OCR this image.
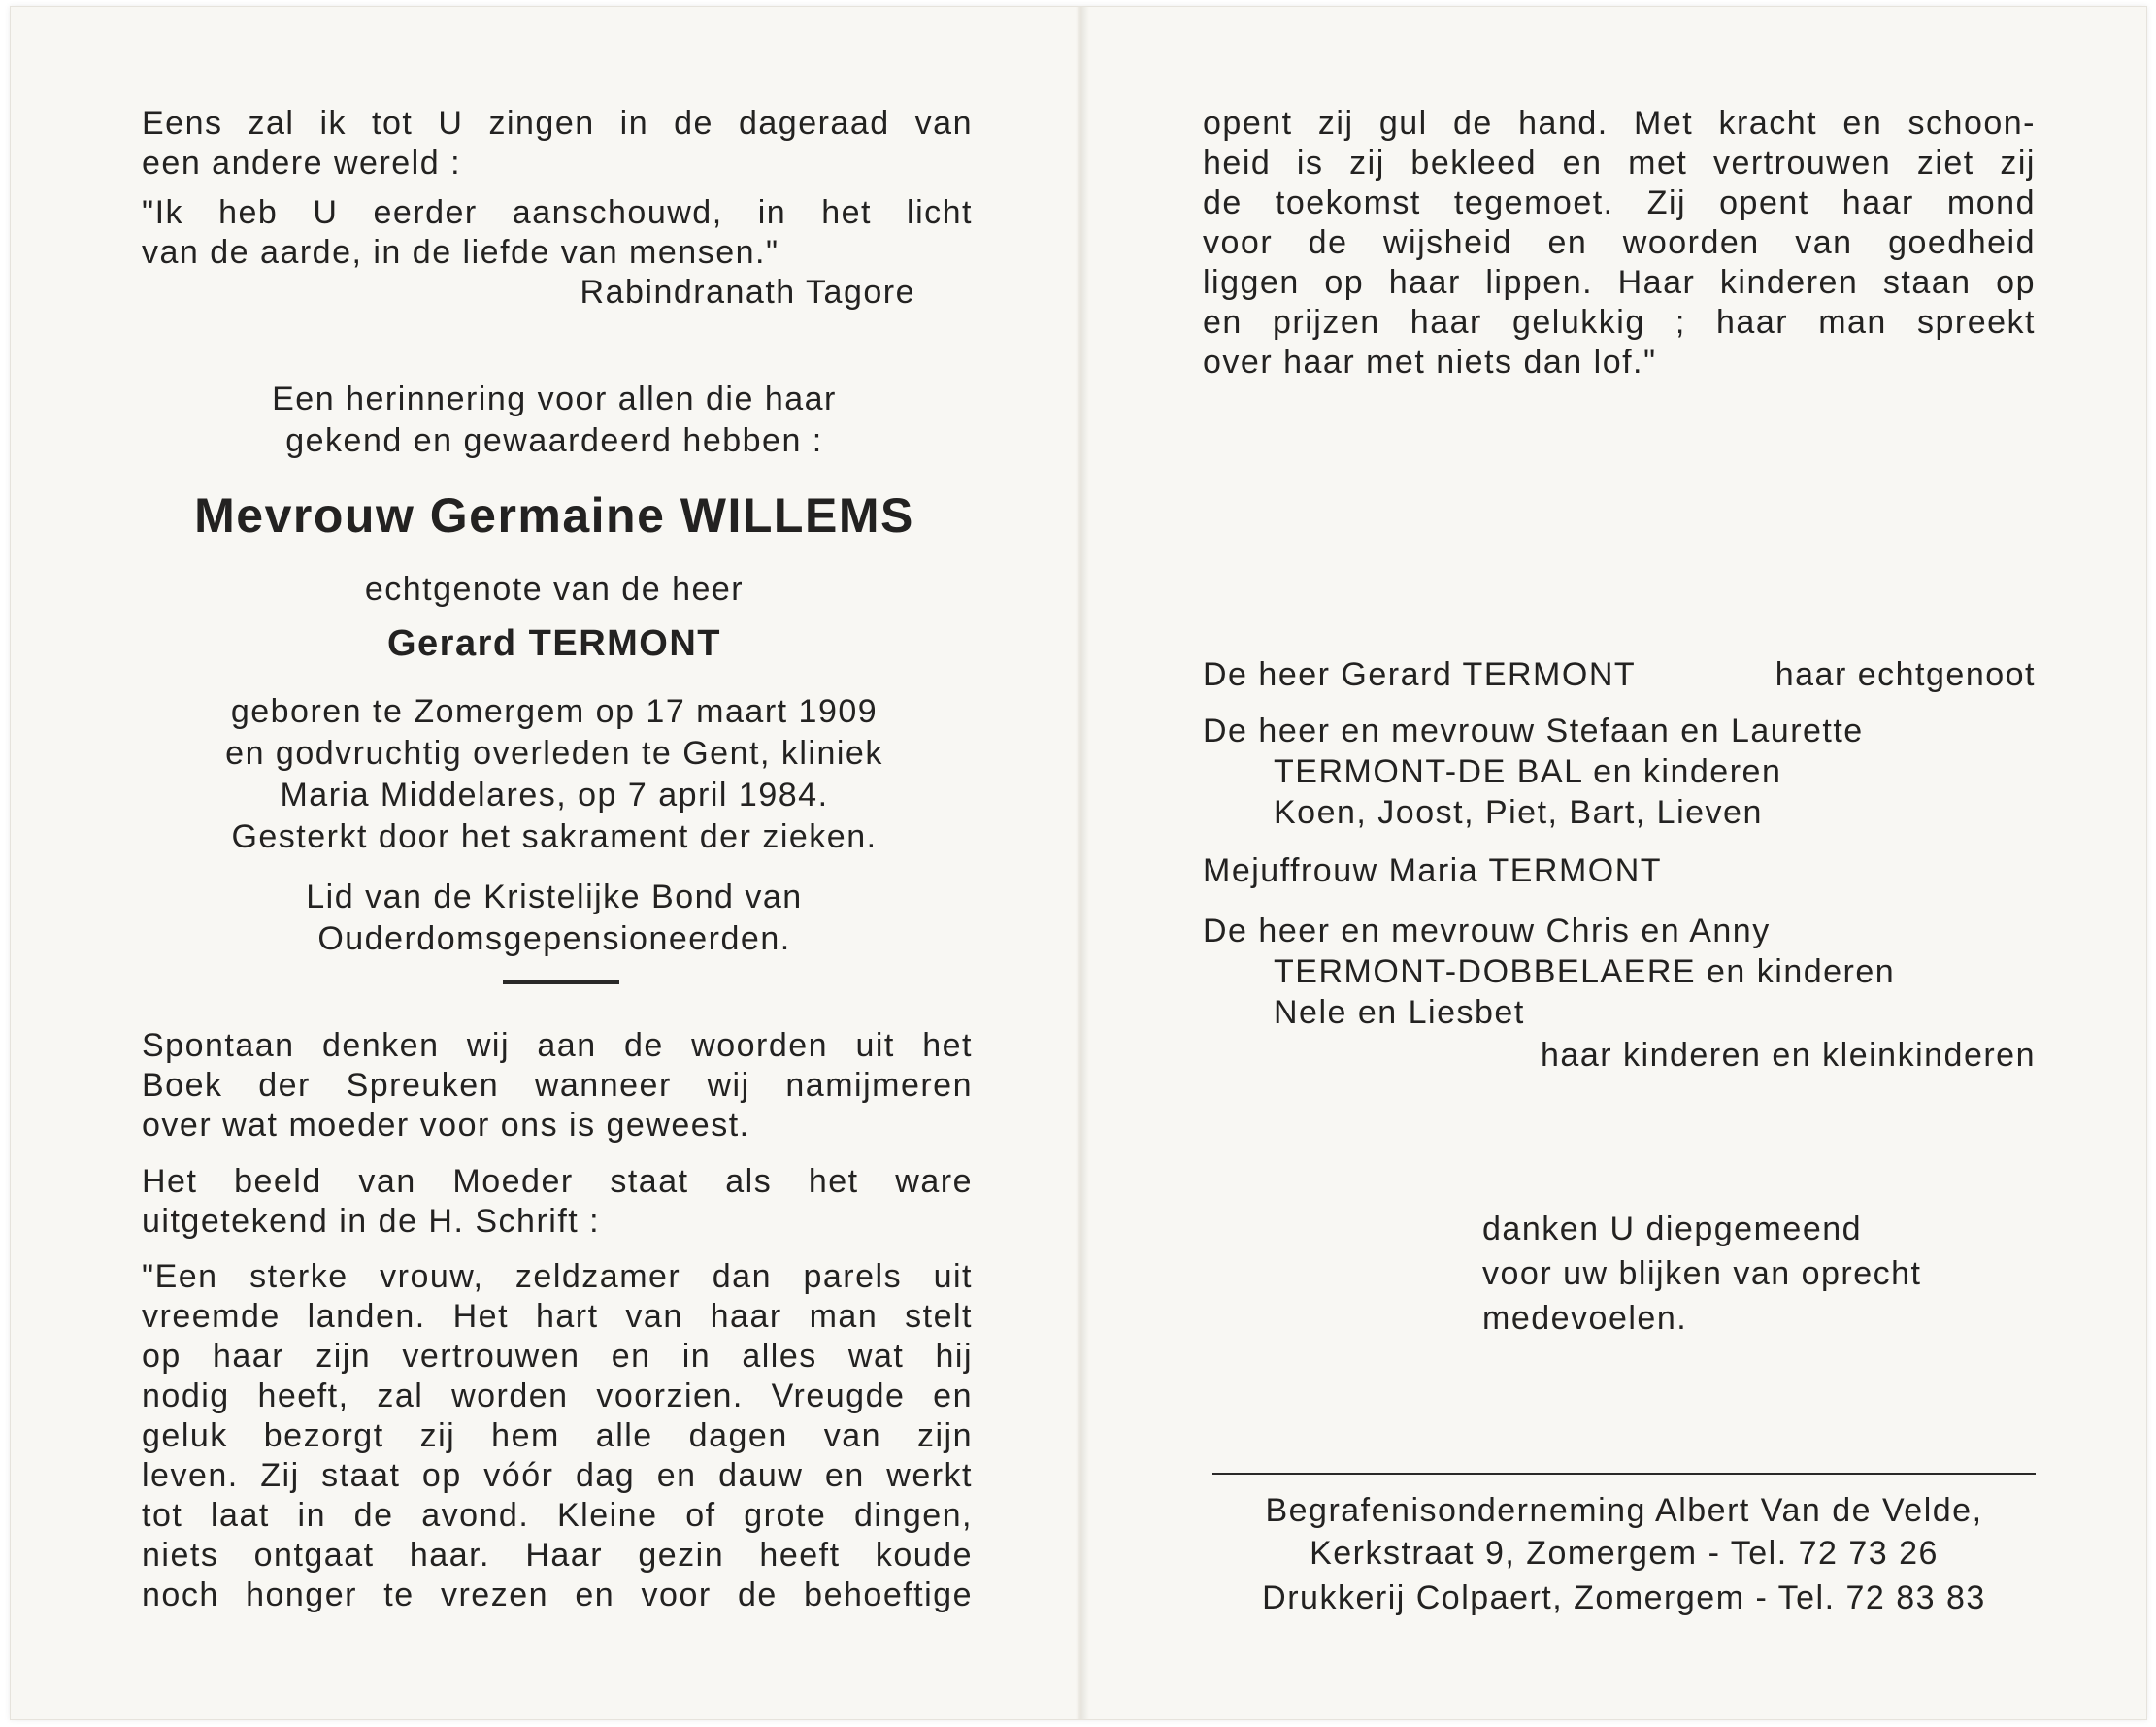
Eens zal ik tot U zingen in de dageraad van
een andere wereld :
"Ik heb U eerder aanschouwd, in het licht
van de aarde, in de liefde van mensen."
Rabindranath Tagore
Een herinnering voor allen die haar
gekend en gewaardeerd hebben :
Mevrouw Germaine WILLEMS
echtgenote van de heer
Gerard TERMONT
geboren te Zomergem op 17 maart 1909
en godvruchtig overleden te Gent, kliniek
Maria Middelares, op 7 april 1984.
Gesterkt door het sakrament der zieken.
Lid van de Kristelijke Bond van
Ouderdomsgepensioneerden.
Spontaan denken wij aan de woorden uit het
Boek der Spreuken wanneer wij namijmeren
over wat moeder voor ons is geweest.
Het beeld van Moeder staat als het ware
uitgetekend in de H. Schrift :
"Een sterke vrouw, zeldzamer dan parels uit
vreemde landen. Het hart van haar man stelt
op haar zijn vertrouwen en in alles wat hij
nodig heeft, zal worden voorzien. Vreugde en
geluk bezorgt zij hem alle dagen van zijn
leven. Zij staat op vóór dag en dauw en werkt
tot laat in de avond. Kleine of grote dingen,
niets ontgaat haar. Haar gezin heeft koude
noch honger te vrezen en voor de behoeftige
opent zij gul de hand. Met kracht en schoon-
heid is zij bekleed en met vertrouwen ziet zij
de toekomst tegemoet. Zij opent haar mond
voor de wijsheid en woorden van goedheid
liggen op haar lippen. Haar kinderen staan op
en prijzen haar gelukkig ; haar man spreekt
over haar met niets dan lof."
De heer Gerard TERMONT	haar echtgenoot
De heer en mevrouw Stefaan en Laurette
TERMONT-DE BAL en kinderen
Koen, Joost, Piet, Bart, Lieven
Mejuffrouw Maria TERMONT
De heer en mevrouw Chris en Anny
TERMONT-DOBBELAERE en kinderen
Nele en Liesbet
haar kinderen en kleinkinderen
danken U diepgemeend
voor uw blijken van oprecht
medevoelen.
Begrafenisonderneming Albert Van de Velde,
Kerkstraat 9, Zomergem - Tel. 72 73 26
Drukkerij Colpaert, Zomergem - Tel. 72 83 83
